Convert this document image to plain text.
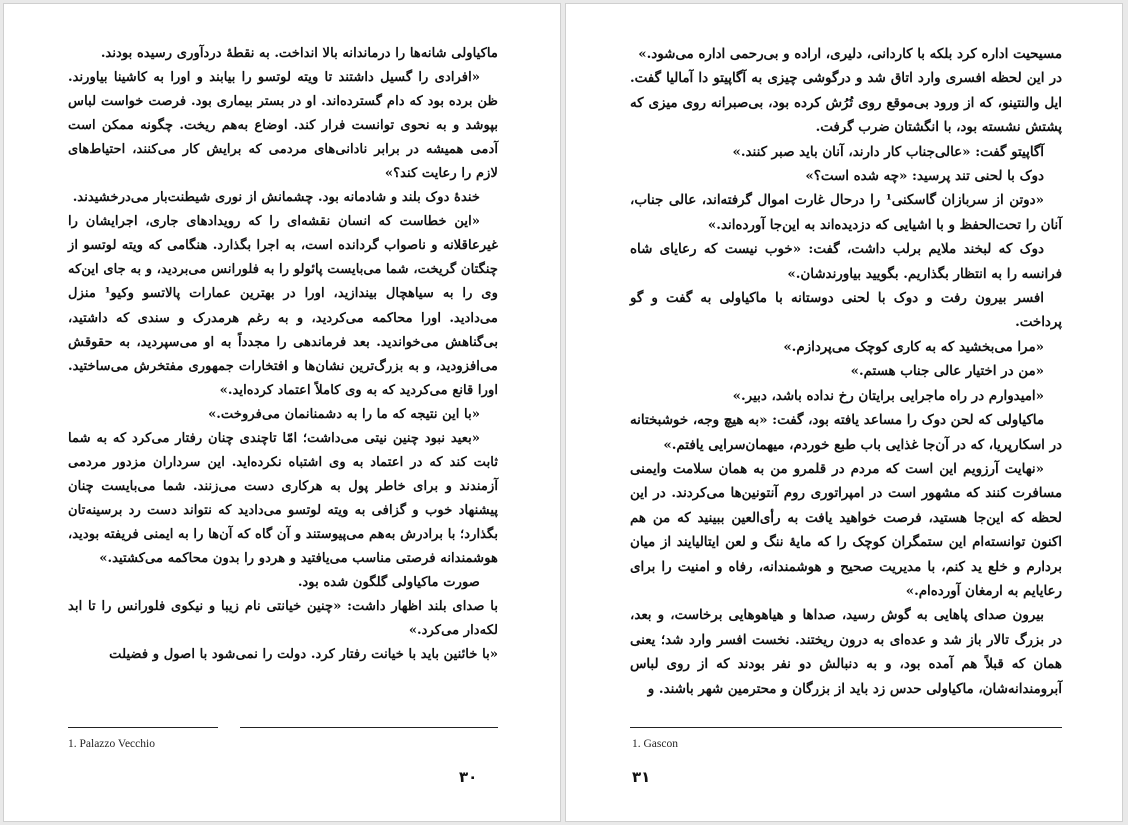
ماکیاولی شانه‌ها را درماندانه بالا انداخت. به نقطهٔ دردآوری رسیده بودند.

«افرادی را گسیل داشتند تا ویته لوتسو را بیابند و اورا به کاشینا بیاورند. ظن برده بود که دام گسترده‌اند. او در بستر بیماری بود. فرصت خواست لباس بپوشد و به نحوی توانست فرار کند. اوضاع به‌هم ریخت. چگونه ممکن است آدمی همیشه در برابر نادانی‌های مردمی که برایش کار می‌کنند، احتیاط‌های لازم را رعایت کند؟»

خندهٔ دوک بلند و شادمانه بود. چشمانش از نوری شیطنت‌بار می‌درخشیدند.

«این خطاست که انسان نقشه‌ای را که رویدادهای جاری، اجرایشان را غیرعاقلانه و ناصواب گردانده است، به اجرا بگذارد. هنگامی که ویته لوتسو از چنگتان گریخت، شما می‌بایست پائولو را به فلورانس می‌بردید، و به جای این‌که وی را به سیاهچال بیندازید، اورا در بهترین عمارات پالاتسو وکیو¹ منزل می‌دادید. اورا محاکمه می‌کردید، و به رغم هرمدرک و سندی که داشتید، بی‌گناهش می‌خواندید. بعد فرماندهی را مجدداً به او می‌سپردید، به حقوقش می‌افزودید، و به بزرگ‌ترین نشان‌ها و افتخارات جمهوری مفتخرش می‌ساختید. اورا قانع می‌کردید که به وی کاملاً اعتماد کرده‌اید.»

«با این نتیجه که ما را به دشمنانمان می‌فروخت.»

«بعید نبود چنین نیتی می‌داشت؛ امّا تاچندی چنان رفتار می‌کرد که به شما ثابت کند که در اعتماد به وی اشتباه نکرده‌اید. این سرداران مزدور مردمی آزمندند و برای خاطر پول به هرکاری دست می‌زنند. شما می‌بایست چنان پیشنهاد خوب و گزافی به ویته لوتسو می‌دادید که نتواند دست رد برسینه‌تان بگذارد؛ با برادرش به‌هم می‌پیوستند و آن گاه که آن‌ها را به ایمنی فریفته بودید، هوشمندانه فرصتی مناسب می‌یافتید و هردو را بدون محاکمه می‌کشتید.»

صورت ماکیاولی گلگون شده بود.

با صدای بلند اظهار داشت: «چنین خیانتی نام زیبا و نیکوی فلورانس را تا ابد لکه‌دار می‌کرد.»

«با خائنین باید با خیانت رفتار کرد. دولت را نمی‌شود با اصول و فضیلت

1. Palazzo Vecchio
۳۰

مسیحیت اداره کرد بلکه با کاردانی، دلیری، اراده و بی‌رحمی اداره می‌شود.»

در این لحظه افسری وارد اتاق شد و درگوشی چیزی به آگاپیتو دا آمالیا گفت. ایل والنتینو، که از ورود بی‌موقع روی تُرُش کرده بود، بی‌صبرانه روی میزی که پشتش نشسته بود، با انگشتان ضرب گرفت.

آگاپیتو گفت: «عالی‌جناب کار دارند، آنان باید صبر کنند.»

دوک با لحنی تند پرسید: «چه شده است؟»

«دوتن از سربازان گاسکنی¹ را درحال غارت اموال گرفته‌اند، عالی جناب، آنان را تحت‌الحفظ و با اشیایی که دزدیده‌اند به این‌جا آورده‌اند.»

دوک که لبخند ملایم برلب داشت، گفت: «خوب نیست که رعایای شاه فرانسه را به انتظار بگذاریم. بگویید بیاورندشان.»

افسر بیرون رفت و دوک با لحنی دوستانه با ماکیاولی به گفت و گو پرداخت.

«مرا می‌بخشید که به کاری کوچک می‌پردازم.»

«من در اختیار عالی جناب هستم.»

«امیدوارم در راه ماجرایی برایتان رخ نداده باشد، دبیر.»

ماکیاولی که لحن دوک را مساعد یافته بود، گفت: «به هیچ وجه، خوشبختانه در اسکارپریا، که در آن‌جا غذایی باب طبع خوردم، میهمان‌سرایی یافتم.»

«نهایت آرزویم این است که مردم در قلمرو من به همان سلامت وایمنی مسافرت کنند که مشهور است در امپراتوری روم آنتونین‌ها می‌کردند. در این لحظه که این‌جا هستید، فرصت خواهید یافت به رأی‌العین ببینید که من هم اکنون توانسته‌ام این ستمگران کوچک را که مایهٔ ننگ و لعن ایتالیایند از میان بردارم و خلع ید کنم، با مدیریت صحیح و هوشمندانه، رفاه و امنیت را برای رعایایم به ارمغان آورده‌ام.»

بیرون صدای پاهایی به گوش رسید، صداها و هیاهوهایی برخاست، و بعد، در بزرگ تالار باز شد و عده‌ای به درون ریختند. نخست افسر وارد شد؛ یعنی همان که قبلاً هم آمده بود، و به دنبالش دو نفر بودند که از روی لباس آبرومندانه‌شان، ماکیاولی حدس زد باید از بزرگان و محترمین شهر باشند. و

1. Gascon
۳۱
